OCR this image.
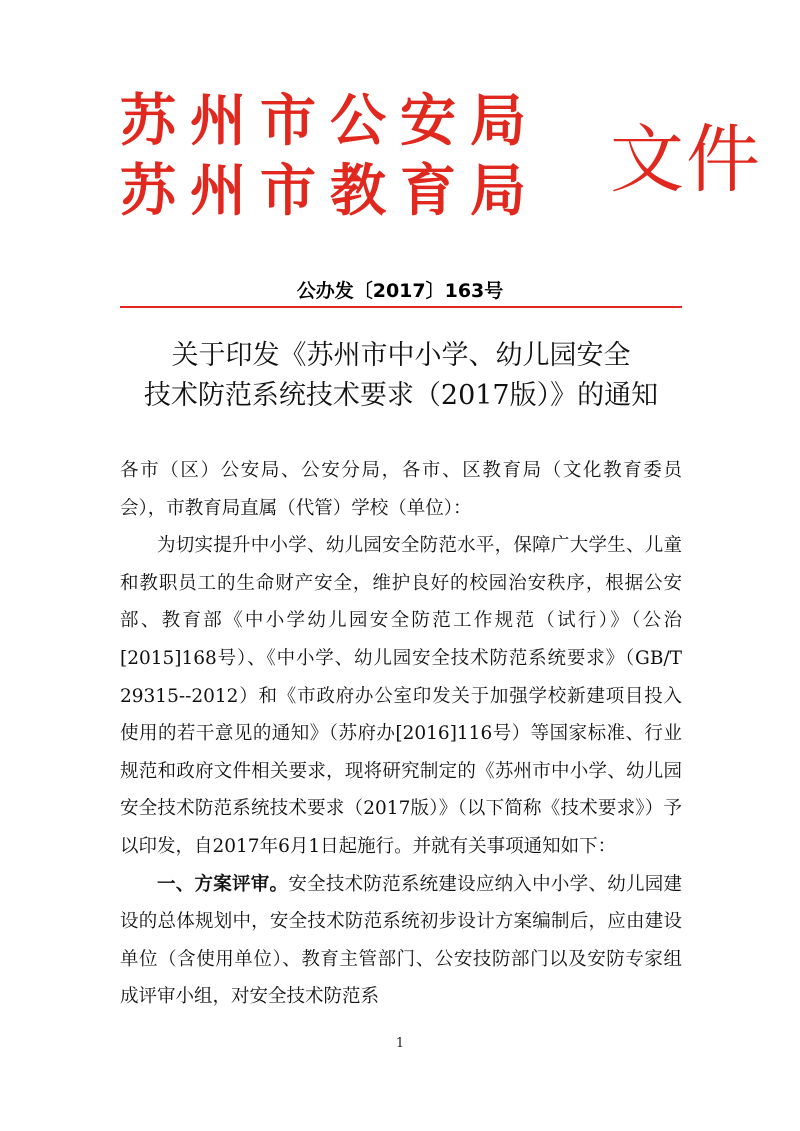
苏州市公安局
苏州市教育局 文件
公办发〔2017〕163号
关于印发《苏州市中小学、幼儿园安全
技术防范系统技术要求（2017版）》的通知

各市（区）公安局、公安分局，各市、区教育局（文化教育委员会），市教育局直属（代管）学校（单位）：

为切实提升中小学、幼儿园安全防范水平，保障广大学生、儿童和教职员工的生命财产安全，维护良好的校园治安秩序，根据公安部、教育部《中小学幼儿园安全防范工作规范（试行）》（公治[2015]168号）、《中小学、幼儿园安全技术防范系统要求》（GB/T 29315--2012）和《市政府办公室印发关于加强学校新建项目投入使用的若干意见的通知》（苏府办[2016]116号）等国家标准、行业规范和政府文件相关要求，现将研究制定的《苏州市中小学、幼儿园安全技术防范系统技术要求（2017版）》（以下简称《技术要求》）予以印发，自2017年6月1日起施行。并就有关事项通知如下：

一、方案评审。安全技术防范系统建设应纳入中小学、幼儿园建设的总体规划中，安全技术防范系统初步设计方案编制后，应由建设单位（含使用单位）、教育主管部门、公安技防部门以及安防专家组成评审小组，对安全技术防范系

1
